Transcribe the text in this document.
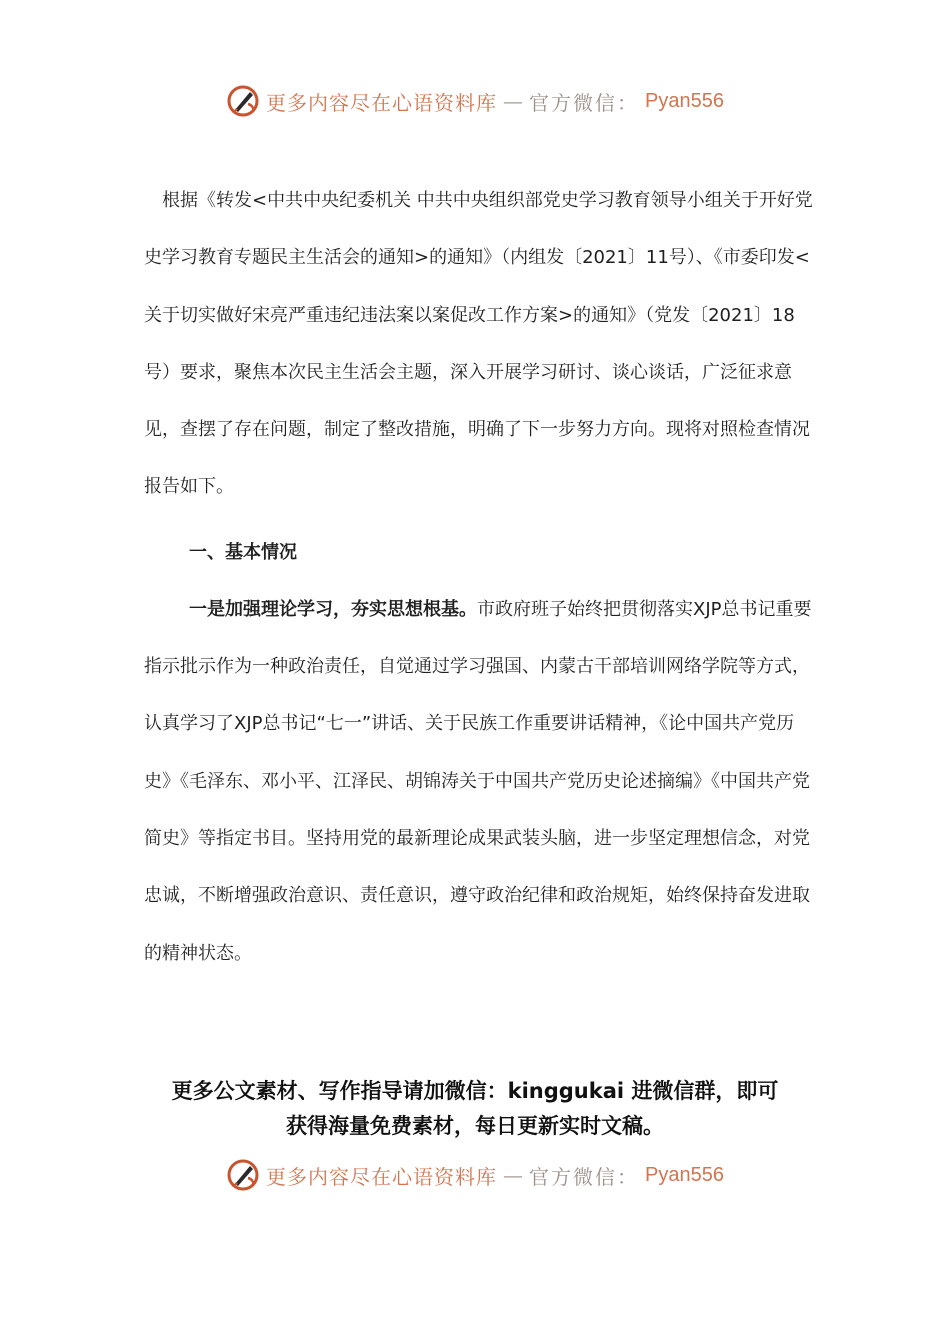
更多内容尽在心语资料库 — 官方微信： Pyan556

根据《转发<中共中央纪委机关 中共中央组织部党史学习教育领导小组关于开好党史学习教育专题民主生活会的通知>的通知》（内组发〔2021〕11号）、《市委印发<关于切实做好宋亮严重违纪违法案以案促改工作方案>的通知》（党发〔2021〕18号）要求，聚焦本次民主生活会主题，深入开展学习研讨、谈心谈话，广泛征求意见，查摆了存在问题，制定了整改措施，明确了下一步努力方向。现将对照检查情况报告如下。

一、基本情况

一是加强理论学习，夯实思想根基。市政府班子始终把贯彻落实XJP总书记重要指示批示作为一种政治责任，自觉通过学习强国、内蒙古干部培训网络学院等方式，认真学习了XJP总书记“七一”讲话、关于民族工作重要讲话精神，《论中国共产党历史》《毛泽东、邓小平、江泽民、胡锦涛关于中国共产党历史论述摘编》《中国共产党简史》等指定书目。坚持用党的最新理论成果武装头脑，进一步坚定理想信念，对党忠诚，不断增强政治意识、责任意识，遵守政治纪律和政治规矩，始终保持奋发进取的精神状态。

更多公文素材、写作指导请加微信：kinggukai 进微信群，即可
获得海量免费素材，每日更新实时文稿。
更多内容尽在心语资料库 — 官方微信： Pyan556
